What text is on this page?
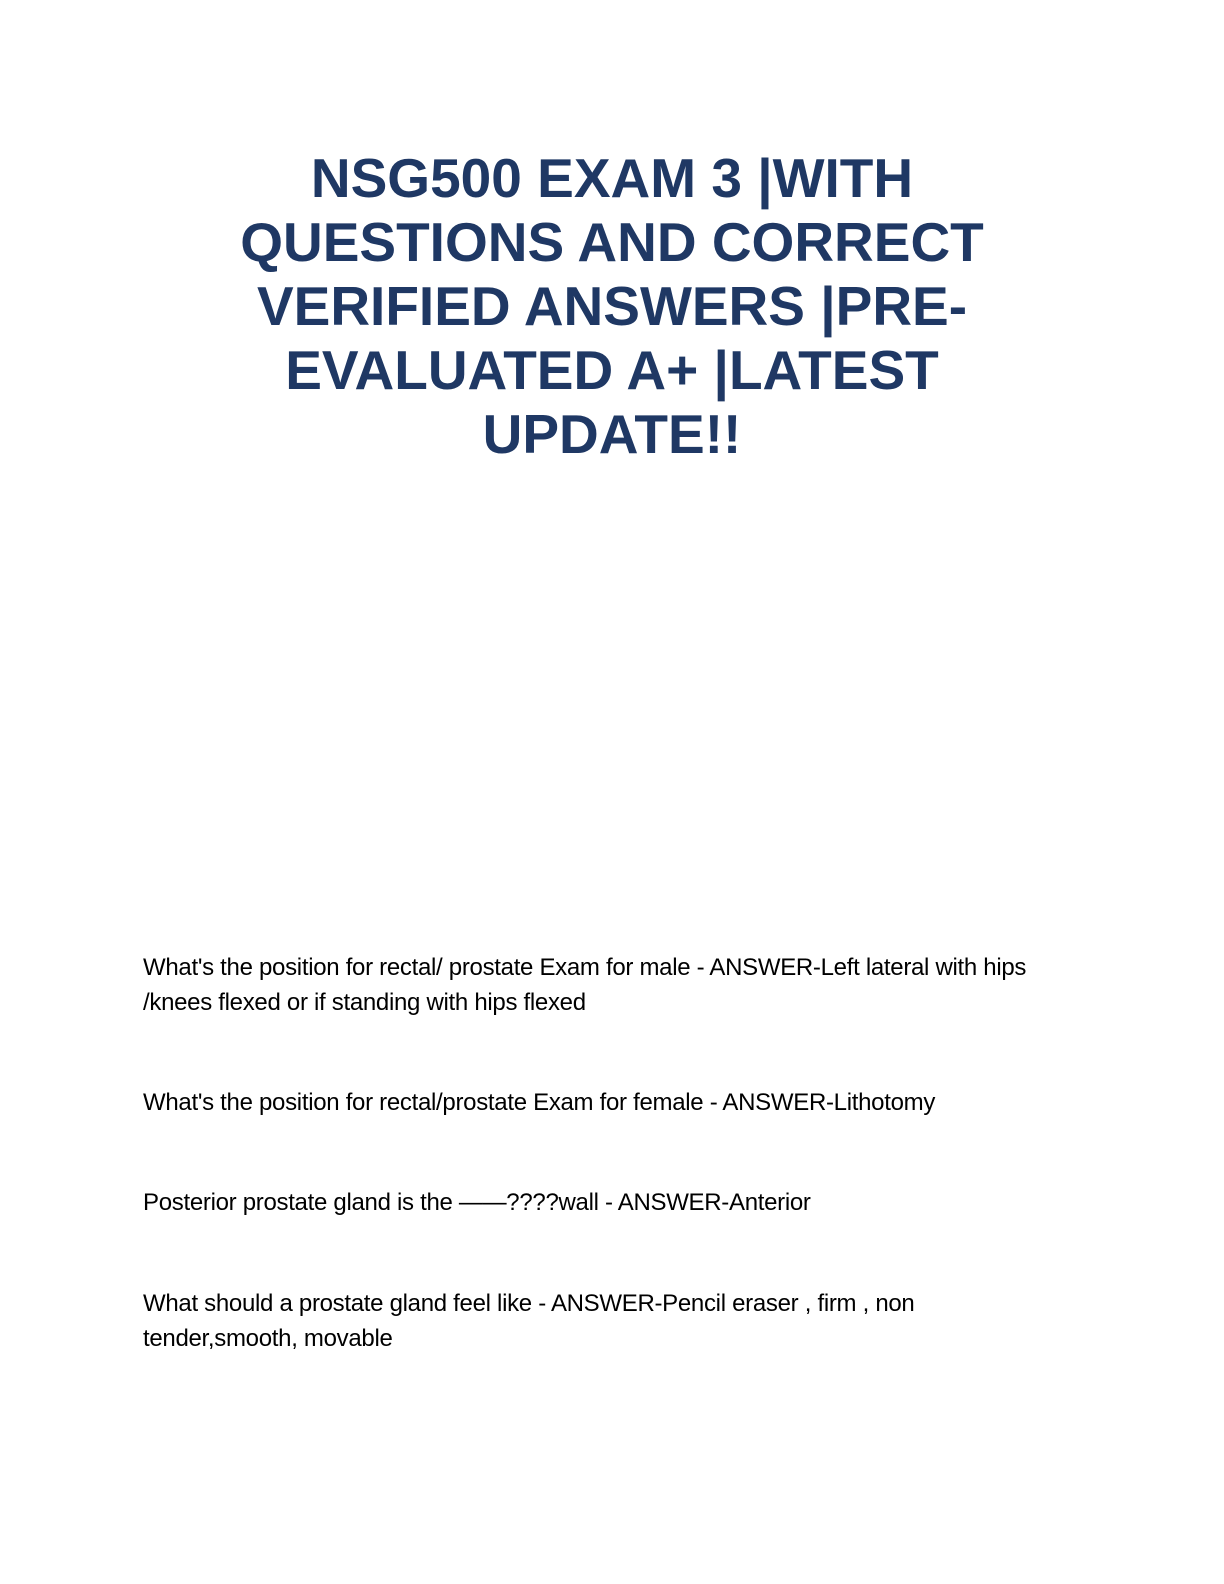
NSG500 EXAM 3 |WITH
QUESTIONS AND CORRECT
VERIFIED ANSWERS |PRE-
EVALUATED A+ |LATEST
UPDATE!!

What's the position for rectal/ prostate Exam for male - ANSWER-Left lateral with hips
/knees flexed or if standing with hips flexed

What's the position for rectal/prostate Exam for female - ANSWER-Lithotomy

Posterior prostate gland is the ——????wall - ANSWER-Anterior

What should a prostate gland feel like - ANSWER-Pencil eraser , firm , non
tender,smooth, movable
